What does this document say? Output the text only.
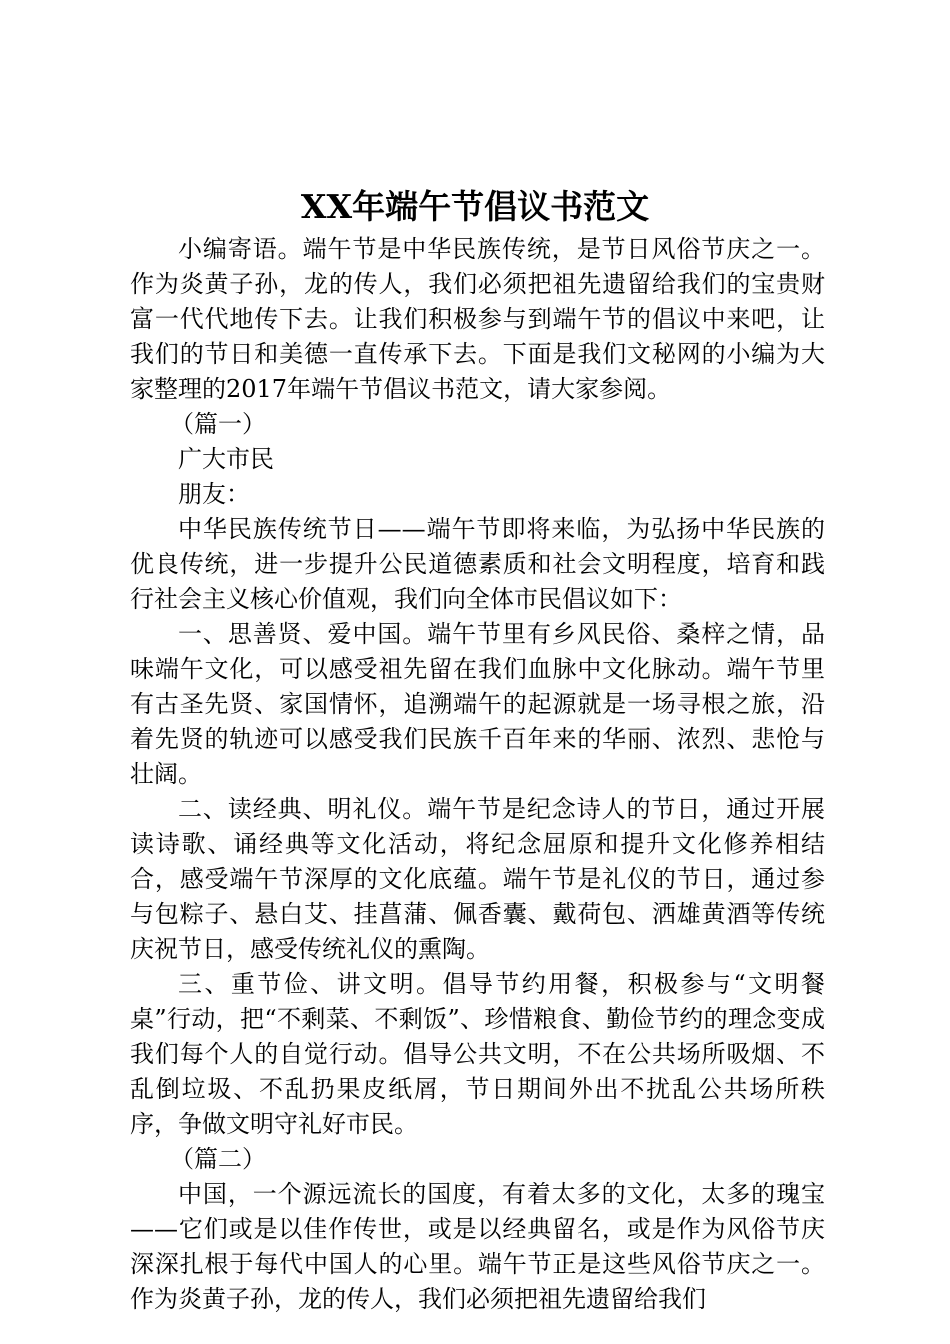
XX年端午节倡议书范文

小编寄语。端午节是中华民族传统，是节日风俗节庆之一。作为炎黄子孙，龙的传人，我们必须把祖先遗留给我们的宝贵财富一代代地传下去。让我们积极参与到端午节的倡议中来吧，让我们的节日和美德一直传承下去。下面是我们文秘网的小编为大家整理的2017年端午节倡议书范文，请大家参阅。

（篇一）

广大市民

朋友：

中华民族传统节日——端午节即将来临，为弘扬中华民族的优良传统，进一步提升公民道德素质和社会文明程度，培育和践行社会主义核心价值观，我们向全体市民倡议如下：

一、思善贤、爱中国。端午节里有乡风民俗、桑梓之情，品味端午文化，可以感受祖先留在我们血脉中文化脉动。端午节里有古圣先贤、家国情怀，追溯端午的起源就是一场寻根之旅，沿着先贤的轨迹可以感受我们民族千百年来的华丽、浓烈、悲怆与壮阔。

二、读经典、明礼仪。端午节是纪念诗人的节日，通过开展读诗歌、诵经典等文化活动，将纪念屈原和提升文化修养相结合，感受端午节深厚的文化底蕴。端午节是礼仪的节日，通过参与包粽子、悬白艾、挂菖蒲、佩香囊、戴荷包、洒雄黄酒等传统庆祝节日，感受传统礼仪的熏陶。

三、重节俭、讲文明。倡导节约用餐，积极参与“文明餐桌”行动，把“不剩菜、不剩饭”、珍惜粮食、勤俭节约的理念变成我们每个人的自觉行动。倡导公共文明，不在公共场所吸烟、不乱倒垃圾、不乱扔果皮纸屑，节日期间外出不扰乱公共场所秩序，争做文明守礼好市民。

（篇二）

中国，一个源远流长的国度，有着太多的文化，太多的瑰宝——它们或是以佳作传世，或是以经典留名，或是作为风俗节庆深深扎根于每代中国人的心里。端午节正是这些风俗节庆之一。作为炎黄子孙，龙的传人，我们必须把祖先遗留给我们
